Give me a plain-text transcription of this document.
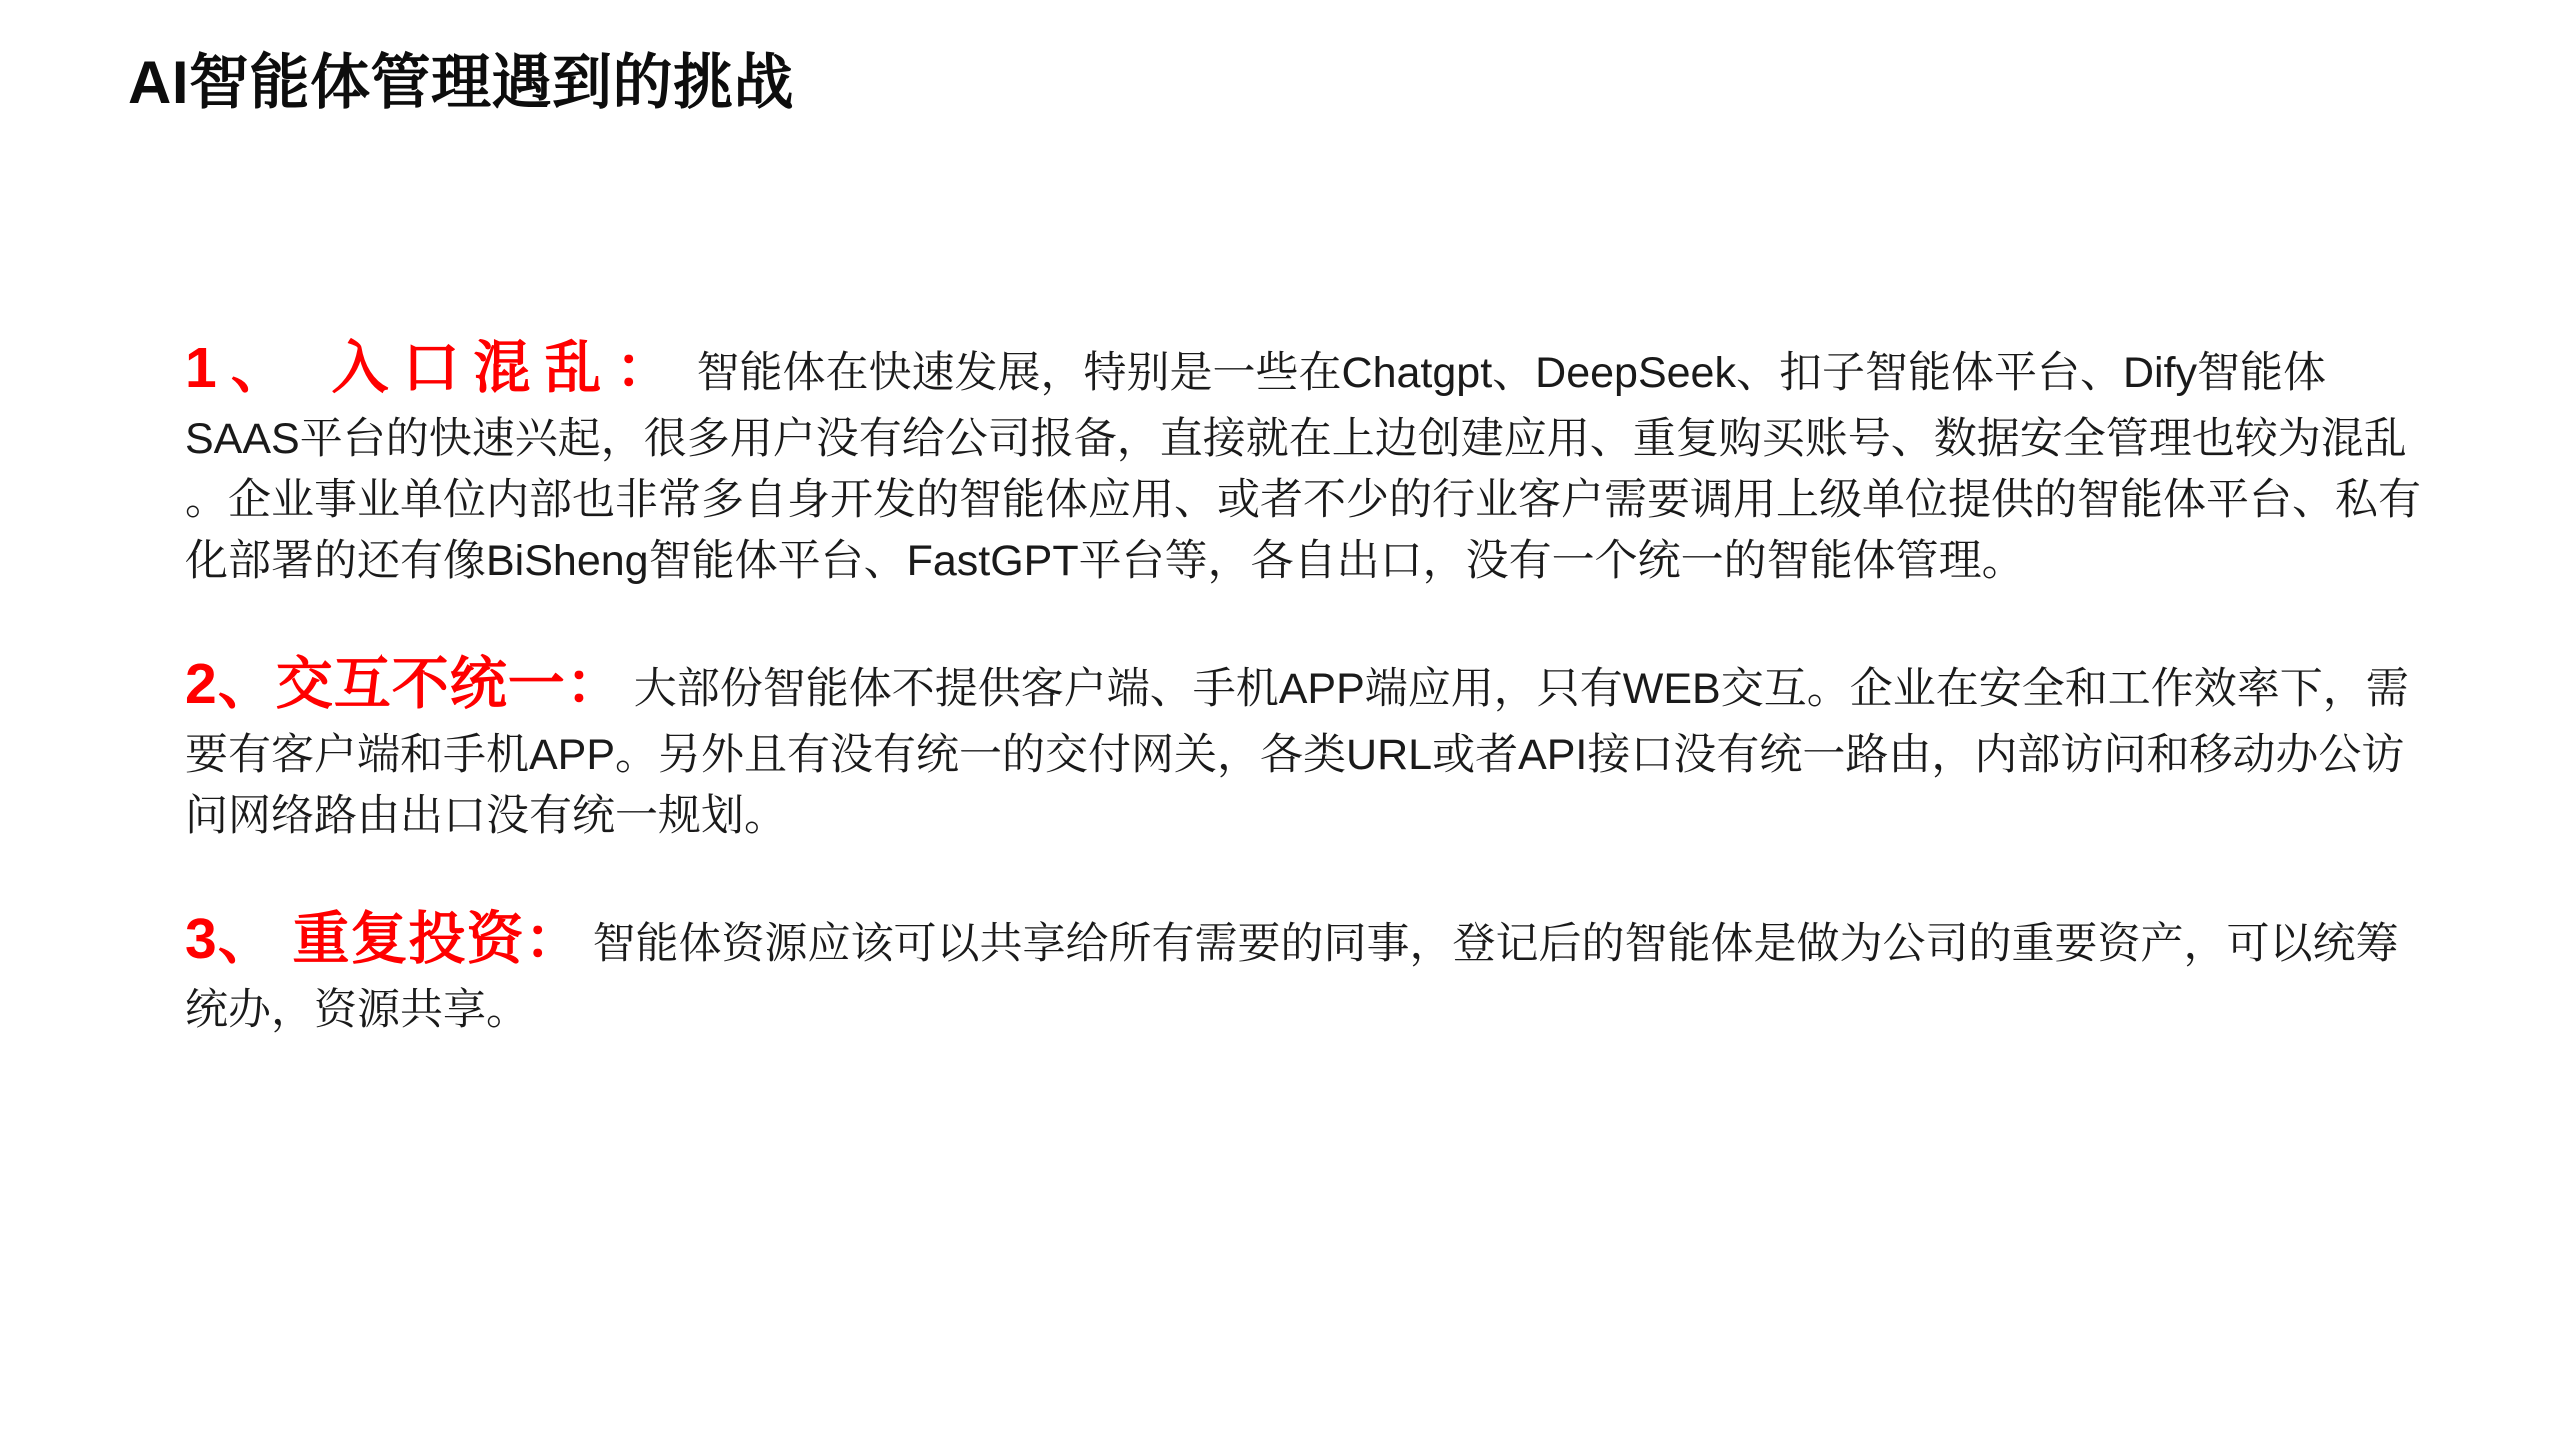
AI智能体管理遇到的挑战

1、 入口混乱： 智能体在快速发展，特别是一些在Chatgpt、DeepSeek、扣子智能体平台、Dify智能体SAAS平台的快速兴起，很多用户没有给公司报备，直接就在上边创建应用、重复购买账号、数据安全管理也较为混乱 。企业事业单位内部也非常多自身开发的智能体应用、或者不少的行业客户需要调用上级单位提供的智能体平台、私有化部署的还有像BiSheng智能体平台、FastGPT平台等，各自出口，没有一个统一的智能体管理。

2、交互不统一： 大部份智能体不提供客户端、手机APP端应用，只有WEB交互。企业在安全和工作效率下，需要有客户端和手机APP。另外且有没有统一的交付网关，各类URL或者API接口没有统一路由，内部访问和移动办公访问网络路由出口没有统一规划。

3、 重复投资： 智能体资源应该可以共享给所有需要的同事，登记后的智能体是做为公司的重要资产，可以统筹统办，资源共享。
